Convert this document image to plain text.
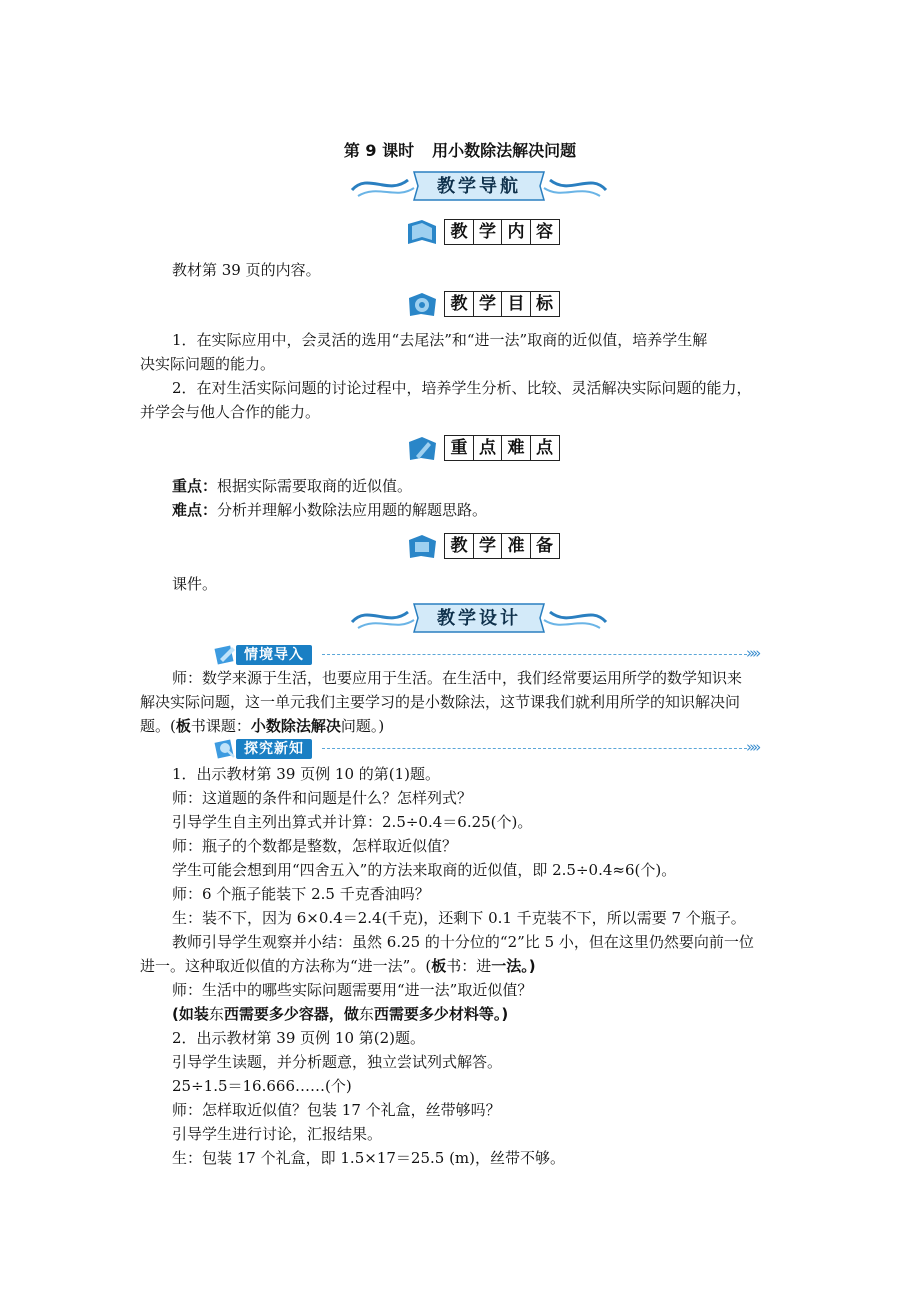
第 9 课时 用小数除法解决问题
教学导航
教 学 内 容
教材第 39 页的内容。
教 学 目 标
1．在实际应用中，会灵活的选用“去尾法”和“进一法”取商的近似值，培养学生解
决实际问题的能力。
2．在对生活实际问题的讨论过程中，培养学生分析、比较、灵活解决实际问题的能力，
并学会与他人合作的能力。
重 点 难 点
重点：根据实际需要取商的近似值。
难点：分析并理解小数除法应用题的解题思路。
教 学 准 备
课件。
教学设计
情境导入	»»
师：数学来源于生活，也要应用于生活。在生活中，我们经常要运用所学的数学知识来
解决实际问题，这一单元我们主要学习的是小数除法，这节课我们就利用所学的知识解决问
题。(板书课题：小数除法解决问题。)
探究新知	»»
1．出示教材第 39 页例 10 的第(1)题。
师：这道题的条件和问题是什么？怎样列式？
引导学生自主列出算式并计算：2.5÷0.4＝6.25(个)。
师：瓶子的个数都是整数，怎样取近似值？
学生可能会想到用“四舍五入”的方法来取商的近似值，即 2.5÷0.4≈6(个)。
师：6 个瓶子能装下 2.5 千克香油吗？
生：装不下，因为 6×0.4＝2.4(千克)，还剩下 0.1 千克装不下，所以需要 7 个瓶子。
教师引导学生观察并小结：虽然 6.25 的十分位的“2”比 5 小，但在这里仍然要向前一位
进一。这种取近似值的方法称为“进一法”。(板书：进一法。)
师：生活中的哪些实际问题需要用“进一法”取近似值？
(如装东西需要多少容器，做东西需要多少材料等。)
2．出示教材第 39 页例 10 第(2)题。
引导学生读题，并分析题意，独立尝试列式解答。
25÷1.5＝16.666……(个)
师：怎样取近似值？包装 17 个礼盒，丝带够吗？
引导学生进行讨论，汇报结果。
生：包装 17 个礼盒，即 1.5×17＝25.5 (m)，丝带不够。
